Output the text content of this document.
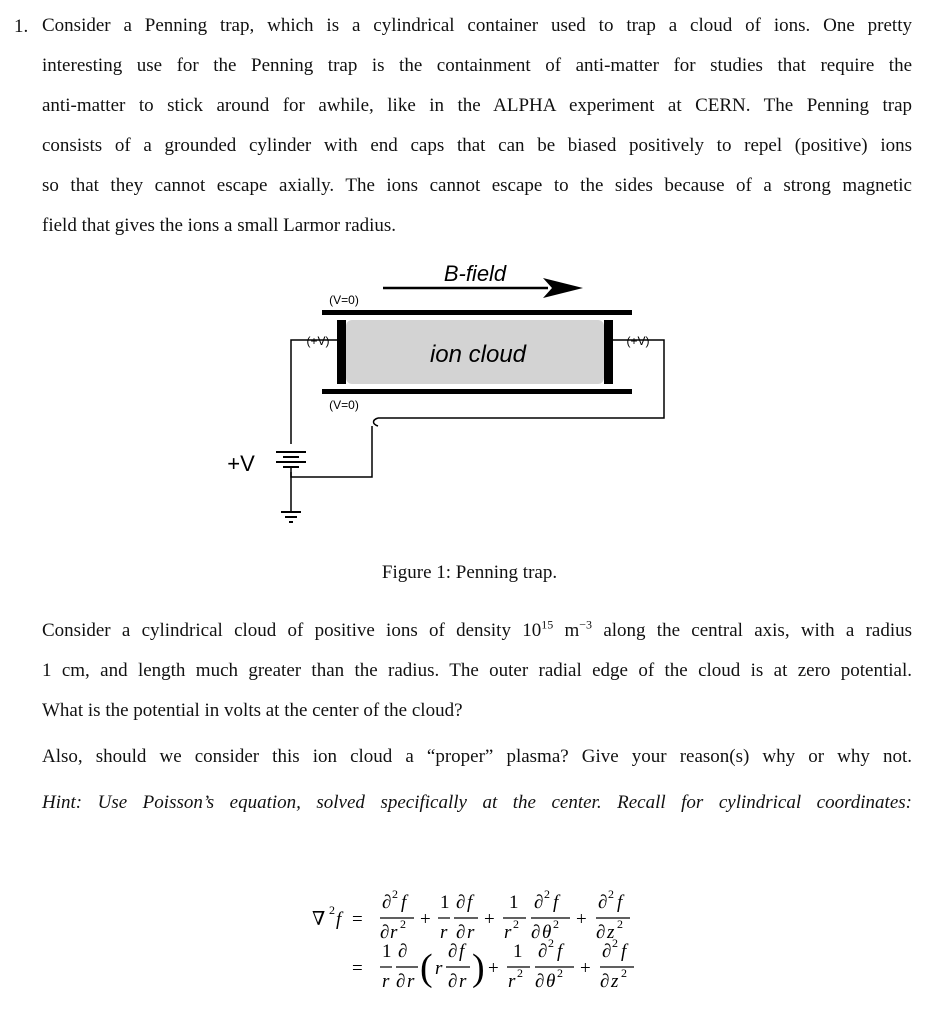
1. Consider a Penning trap, which is a cylindrical container used to trap a cloud of ions. One pretty
interesting use for the Penning trap is the containment of anti-matter for studies that require the
anti-matter to stick around for awhile, like in the ALPHA experiment at CERN. The Penning trap
consists of a grounded cylinder with end caps that can be biased positively to repel (positive) ions
so that they cannot escape axially. The ions cannot escape to the sides because of a strong magnetic
field that gives the ions a small Larmor radius.
B-field
(V=0)
ion cloud
(+V)	(+V)
(V=0)
+V
Figure 1: Penning trap.
Consider a cylindrical cloud of positive ions of density $10^{15}$ $m^{-3}$ along the central axis, with a radius
1 cm, and length much greater than the radius. The outer radial edge of the cloud is at zero potential.
What is the potential in volts at the center of the cloud?
Also, should we consider this ion cloud a “proper” plasma? Give your reason(s) why or why not.
Hint: Use Poisson’s equation, solved specifically at the center. Recall for cylindrical coordinates:
∇ 2 f =
∂ 2 f
∂ r 2 +
1
r
∂ f
∂ r
+
1
r 2
∂ 2 f
∂ θ 2 +
∂ 2 f
∂ z 2
=
1
r
∂
∂ r ( r
∂ f
∂ r ) +
1
r 2
∂ 2 f
∂ θ 2 +
∂ 2 f
∂ z 2
